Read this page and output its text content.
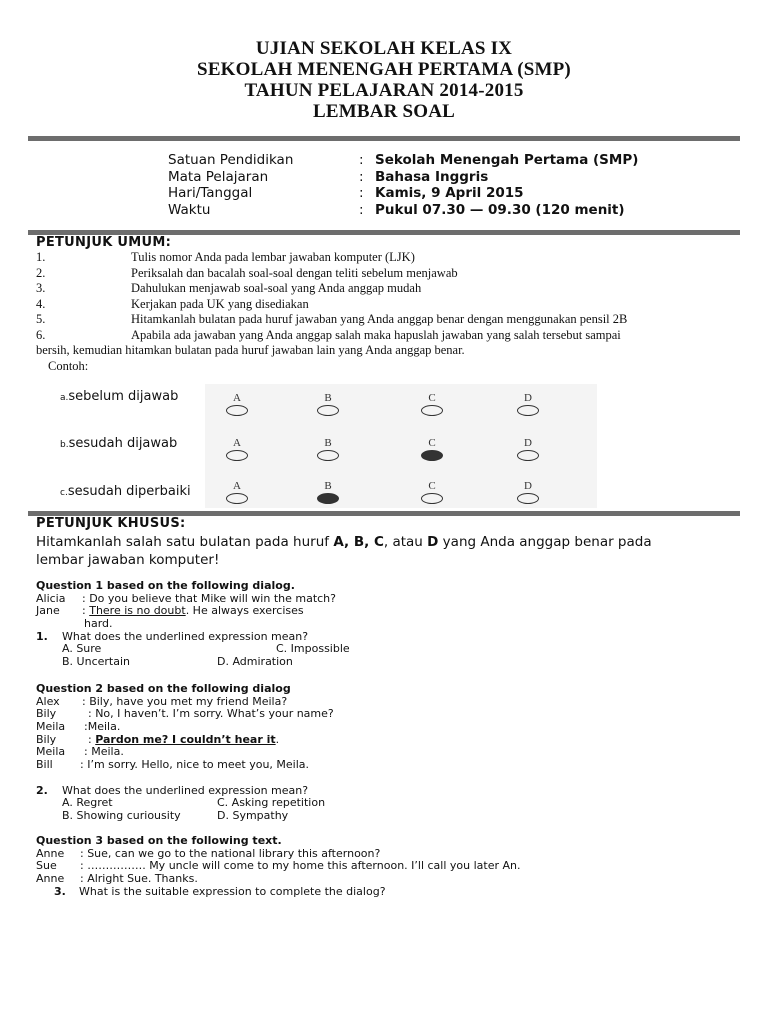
UJIAN SEKOLAH KELAS IX
SEKOLAH MENENGAH PERTAMA (SMP)
TAHUN PELAJARAN 2014-2015
LEMBAR SOAL
Satuan Pendidikan	: Sekolah Menengah Pertama (SMP)
Mata Pelajaran	: Bahasa Inggris
Hari/Tanggal	: Kamis, 9 April 2015
Waktu	: Pukul 07.30 — 09.30 (120 menit)
PETUNJUK UMUM:
1.	Tulis nomor Anda pada lembar jawaban komputer (LJK)
2.	Periksalah dan bacalah soal-soal dengan teliti sebelum menjawab
3.	Dahulukan menjawab soal-soal yang Anda anggap mudah
4.	Kerjakan pada UK yang disediakan
5.	Hitamkanlah bulatan pada huruf jawaban yang Anda anggap benar dengan menggunakan pensil 2B
6.	Apabila ada jawaban yang Anda anggap salah maka hapuslah jawaban yang salah tersebut sampai
bersih, kemudian hitamkan bulatan pada huruf jawaban lain yang Anda anggap benar.
Contoh:
a.sebelum dijawab
b.sesudah dijawab
c.sesudah diperbaiki
A	B	C	D
A	B	C	D
A	B	C	D
PETUNJUK KHUSUS:
Hitamkanlah salah satu bulatan pada huruf A, B, C, atau D yang Anda anggap benar pada
lembar jawaban komputer!
Question 1 based on the following dialog.
Alicia : Do you believe that Mike will win the match?
Jane : There is no doubt. He always exercises
hard.
1. What does the underlined expression mean?
A. Sure	C. Impossible
B. Uncertain	D. Admiration
Question 2 based on the following dialog
Alex : Bily, have you met my friend Meila?
Bily	: No, I haven’t. I’m sorry. What’s your name?
Meila :Meila.
Bily	: Pardon me? I couldn’t hear it.
Meila : Meila.
Bill : I’m sorry. Hello, nice to meet you, Meila.
2. What does the underlined expression mean?
A. Regret	C. Asking repetition
B. Showing curiousity	D. Sympathy
Question 3 based on the following text.
Anne : Sue, can we go to the national library this afternoon?
Sue : ……………. My uncle will come to my home this afternoon. I’ll call you later An.
Anne : Alright Sue. Thanks.
3. What is the suitable expression to complete the dialog?
